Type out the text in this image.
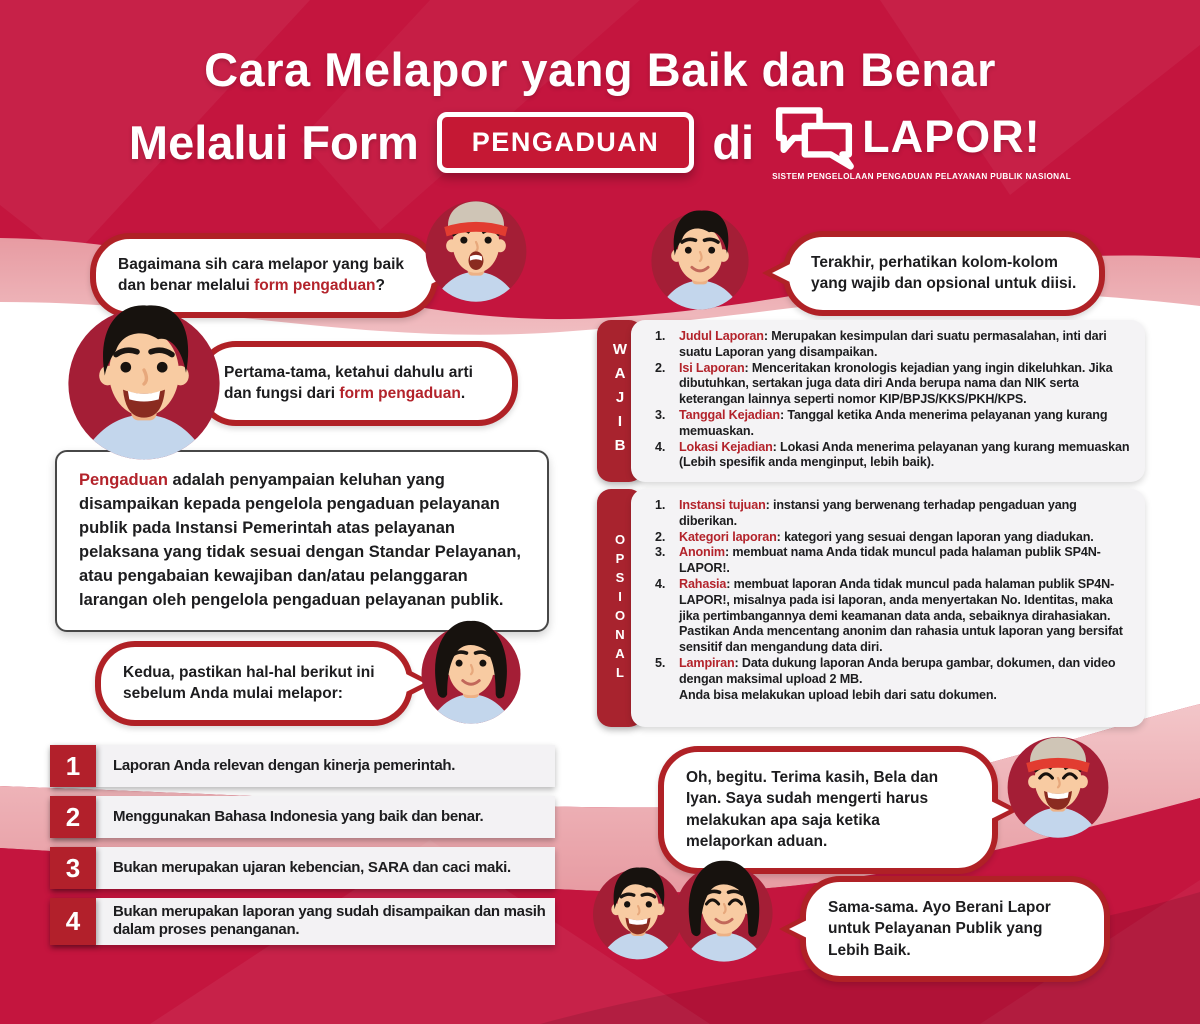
Cara Melapor yang Baik dan Benar
Melalui Form	PENGADUAN	di LAPOR!
SISTEM PENGELOLAAN PENGADUAN PELAYANAN PUBLIK NASIONAL
Bagaimana sih cara melapor yang baik dan benar melalui form pengaduan?
Pertama-tama, ketahui dahulu arti dan fungsi dari form pengaduan.
Pengaduan adalah penyampaian keluhan yang disampaikan kepada pengelola pengaduan pelayanan publik pada Instansi Pemerintah atas pelayanan pelaksana yang tidak sesuai dengan Standar Pelayanan, atau pengabaian kewajiban dan/atau pelanggaran larangan oleh pengelola pengaduan pelayanan publik.
Kedua, pastikan hal-hal berikut ini sebelum Anda mulai melapor:
1	Laporan Anda relevan dengan kinerja pemerintah.
2	Menggunakan Bahasa Indonesia yang baik dan benar.
3	Bukan merupakan ujaran kebencian, SARA dan caci maki.
4	Bukan merupakan laporan yang sudah disampaikan dan masih dalam proses penanganan.
Terakhir, perhatikan kolom-kolom yang wajib dan opsional untuk diisi.
WAJIB
1.	Judul Laporan: Merupakan kesimpulan dari suatu permasalahan, inti dari suatu Laporan yang disampaikan.
2.	Isi Laporan: Menceritakan kronologis kejadian yang ingin dikeluhkan. Jika dibutuhkan, sertakan juga data diri Anda berupa nama dan NIK serta keterangan lainnya seperti nomor KIP/BPJS/KKS/PKH/KPS.
3.	Tanggal Kejadian: Tanggal ketika Anda menerima pelayanan yang kurang memuaskan.
4.	Lokasi Kejadian: Lokasi Anda menerima pelayanan yang kurang memuaskan (Lebih spesifik anda menginput, lebih baik).
OPSIONAL
1.	Instansi tujuan: instansi yang berwenang terhadap pengaduan yang diberikan.
2.	Kategori laporan: kategori yang sesuai dengan laporan yang diadukan.
3.	Anonim: membuat nama Anda tidak muncul pada halaman publik SP4N-LAPOR!.
4.	Rahasia: membuat laporan Anda tidak muncul pada halaman publik SP4N-LAPOR!, misalnya pada isi laporan, anda menyertakan No. Identitas, maka jika pertimbangannya demi keamanan data anda, sebaiknya dirahasiakan.
Pastikan Anda mencentang anonim dan rahasia untuk laporan yang bersifat sensitif dan mengandung data diri.
5.	Lampiran: Data dukung laporan Anda berupa gambar, dokumen, dan video dengan maksimal upload 2 MB.
Anda bisa melakukan upload lebih dari satu dokumen.
Oh, begitu. Terima kasih, Bela dan Iyan. Saya sudah mengerti harus melakukan apa saja ketika melaporkan aduan.
Sama-sama. Ayo Berani Lapor untuk Pelayanan Publik yang Lebih Baik.
